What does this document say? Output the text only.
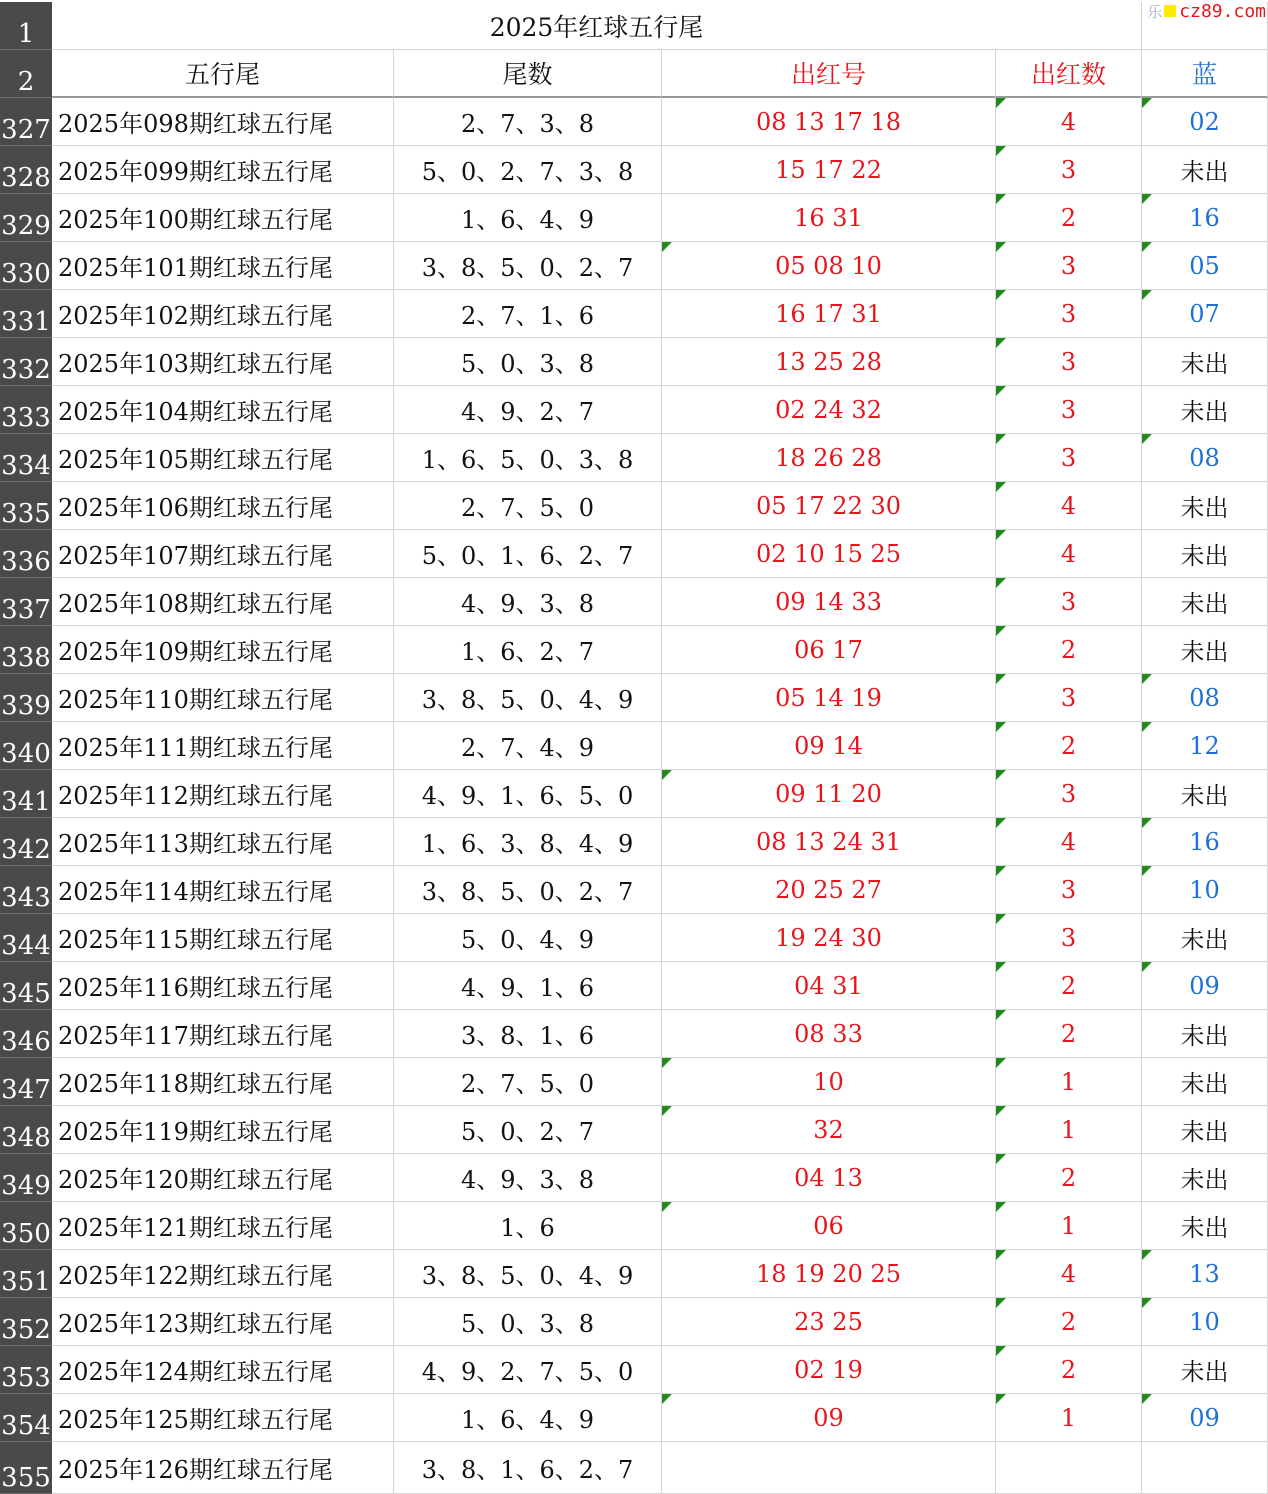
1	2025年红球五行尾
2	五行尾	尾数	出红号	出红数	蓝
327 2025年098期红球五行尾	2、7、3、8	08 13 17 18	4	02
328 2025年099期红球五行尾	5、0、2、7、3、8	15 17 22	3	未出
329 2025年100期红球五行尾	1、6、4、9	16 31	2	16
330 2025年101期红球五行尾	3、8、5、0、2、7	05 08 10	3	05
331 2025年102期红球五行尾	2、7、1、6	16 17 31	3	07
332 2025年103期红球五行尾	5、0、3、8	13 25 28	3	未出
333 2025年104期红球五行尾	4、9、2、7	02 24 32	3	未出
334 2025年105期红球五行尾	1、6、5、0、3、8	18 26 28	3	08
335 2025年106期红球五行尾	2、7、5、0	05 17 22 30	4	未出
336 2025年107期红球五行尾	5、0、1、6、2、7	02 10 15 25	4	未出
337 2025年108期红球五行尾	4、9、3、8	09 14 33	3	未出
338 2025年109期红球五行尾	1、6、2、7	06 17	2	未出
339 2025年110期红球五行尾	3、8、5、0、4、9	05 14 19	3	08
340 2025年111期红球五行尾	2、7、4、9	09 14	2	12
341 2025年112期红球五行尾	4、9、1、6、5、0	09 11 20	3	未出
342 2025年113期红球五行尾	1、6、3、8、4、9	08 13 24 31	4	16
343 2025年114期红球五行尾	3、8、5、0、2、7	20 25 27	3	10
344 2025年115期红球五行尾	5、0、4、9	19 24 30	3	未出
345 2025年116期红球五行尾	4、9、1、6	04 31	2	09
346 2025年117期红球五行尾	3、8、1、6	08 33	2	未出
347 2025年118期红球五行尾	2、7、5、0	10	1	未出
348 2025年119期红球五行尾	5、0、2、7	32	1	未出
349 2025年120期红球五行尾	4、9、3、8	04 13	2	未出
350 2025年121期红球五行尾	1、6	06	1	未出
351 2025年122期红球五行尾	3、8、5、0、4、9	18 19 20 25	4	13
352 2025年123期红球五行尾	5、0、3、8	23 25	2	10
353 2025年124期红球五行尾	4、9、2、7、5、0	02 19	2	未出
354 2025年125期红球五行尾	1、6、4、9	09	1	09
355 2025年126期红球五行尾	3、8、1、6、2、7
乐 cz89.com
